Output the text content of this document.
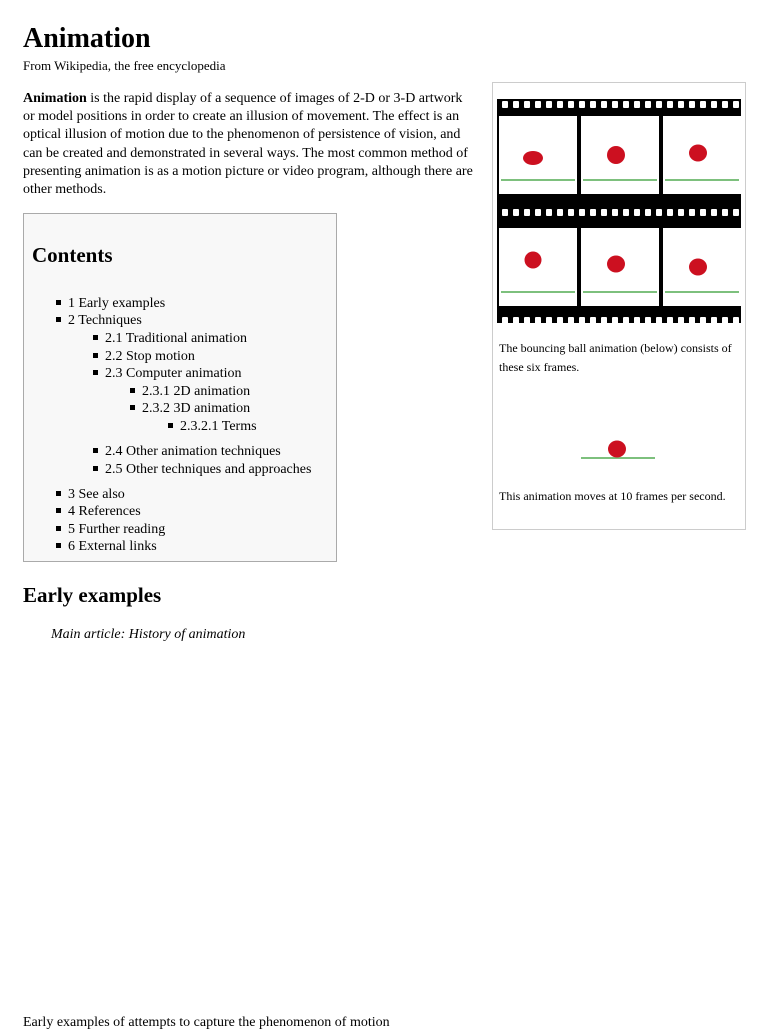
Animation
From Wikipedia, the free encyclopedia

Animation is the rapid display of a sequence of images of 2-D or 3-D artwork or model positions in order to create an illusion of movement. The effect is an optical illusion of motion due to the phenomenon of persistence of vision, and can be created and demonstrated in several ways. The most common method of presenting animation is as a motion picture or video program, although there are other methods.

Contents
1 Early examples
2 Techniques
2.1 Traditional animation
2.2 Stop motion
2.3 Computer animation
2.3.1 2D animation
2.3.2 3D animation
2.3.2.1 Terms
2.4 Other animation techniques
2.5 Other techniques and approaches
3 See also
4 References
5 Further reading
6 External links
The bouncing ball animation (below) consists of these six frames.
This animation moves at 10 frames per second.
Early examples
Main article: History of animation
Early examples of attempts to capture the phenomenon of motion
